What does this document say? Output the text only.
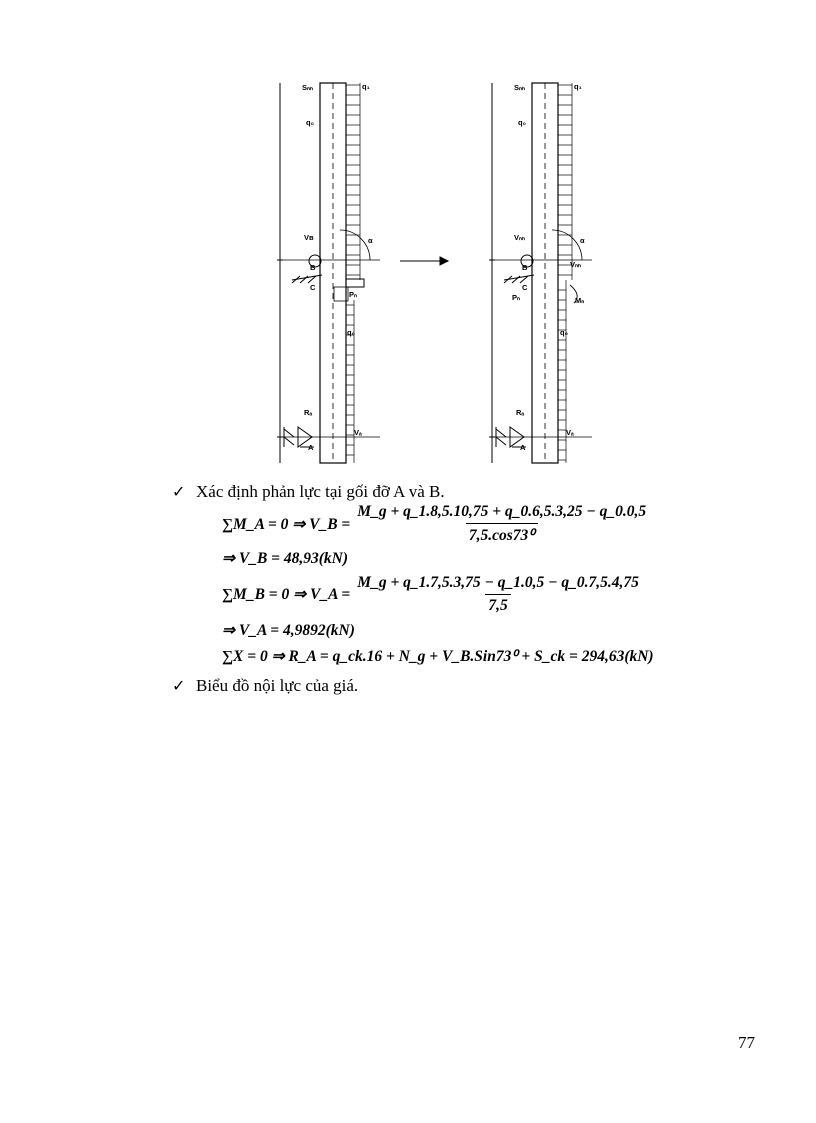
Sₙₕ	q₁
q₀
Vʙ	α
B
C
Pₙ
q₀
Rₐ
Vₐ
A
Sₙₕ	q₁
q₀
Vₙₕ	α
Vₙₕ
B
C
Pₙ	Mₙ
q₀
Rₐ
Vₐ
A
✓ Xác định phản lực tại gối đỡ A và B.
∑M_A = 0 ⇒ V_B = $\frac{M\_g + q\_1.8,5.10,75 + q\_0.6,5.3,25 - q\_0.0,5}{\text{7,5.cos73⁰}}$
⇒ V_B = 48,93(kN)
∑M_B = 0 ⇒ V_A = $\frac{M\_g + q\_1.7,5.3,75 - q\_1.0,5 - q\_0.7,5.4,75}{7,5}$
⇒ V_A = 4,9892(kN)
∑X = 0 ⇒ R_A = q_ck.16 + N_g + V_B.Sin73⁰ + S_ck = 294,63(kN)
✓ Biểu đồ nội lực của giá.
77
